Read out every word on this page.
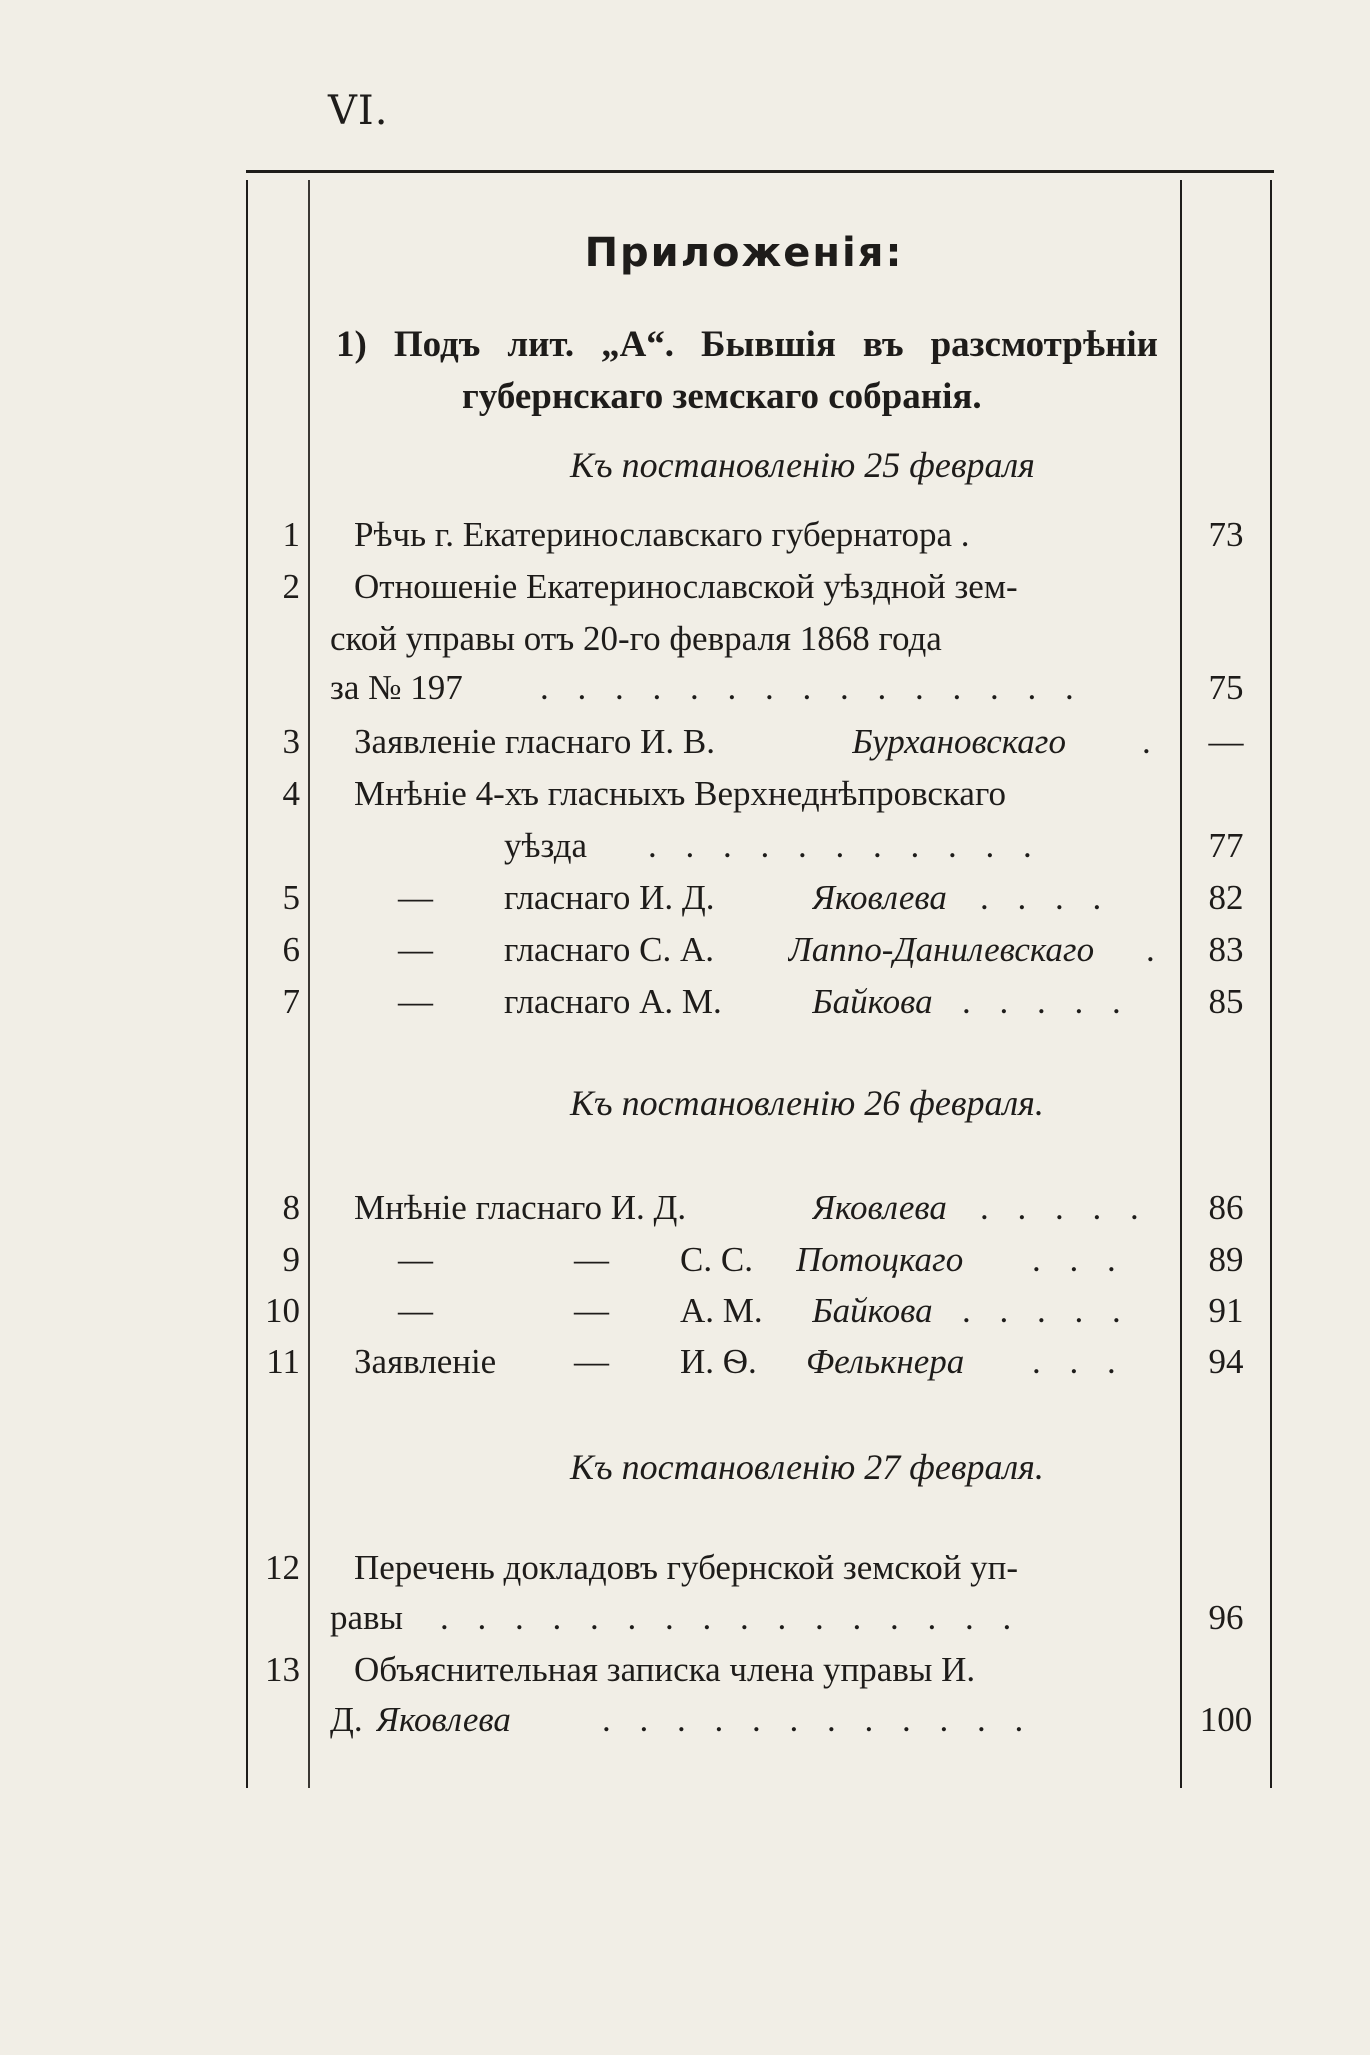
VI.
Приложенія:
1) Подъ лит. „А“. Бывшія въ разсмотрѣніи
губернскаго земскаго собранія.
Къ постановленію 25 февраля
1 Рѣчь г. Екатеринославскаго губернатора .	73
2 Отношеніе Екатеринославской уѣздной зем-
ской управы отъ 20-го февраля 1868 года
за № 197 . . . . . . . . . . . . . . .	75
3 Заявленіе гласнаго И. В.	Бурхановскаго .	—
4 Мнѣніе 4-хъ гласныхъ Верхнеднѣпровскаго
уѣзда . . . . . . . . . . .	77
5	— гласнаго И. Д.	Яковлева . . . .	82
6	— гласнаго С. А. Лаппо-Данилевскаго .	83
7	— гласнаго А. М.	Байкова . . . . .	85
Къ постановленію 26 февраля.
8 Мнѣніе гласнаго И. Д.	Яковлева . . . . .	86
9	—	— С. С. Потоцкаго . . .	89
10	—	— А. М. Байкова . . . . .	91
11 Заявленіе — И. Ѳ. Фелькнера . . .	94
Къ постановленію 27 февраля.
12 Перечень докладовъ губернской земской уп-
равы . . . . . . . . . . . . . . . .	96
13 Объяснительная записка члена управы И.
Д. Яковлева	. . . . . . . . . . . .	100
